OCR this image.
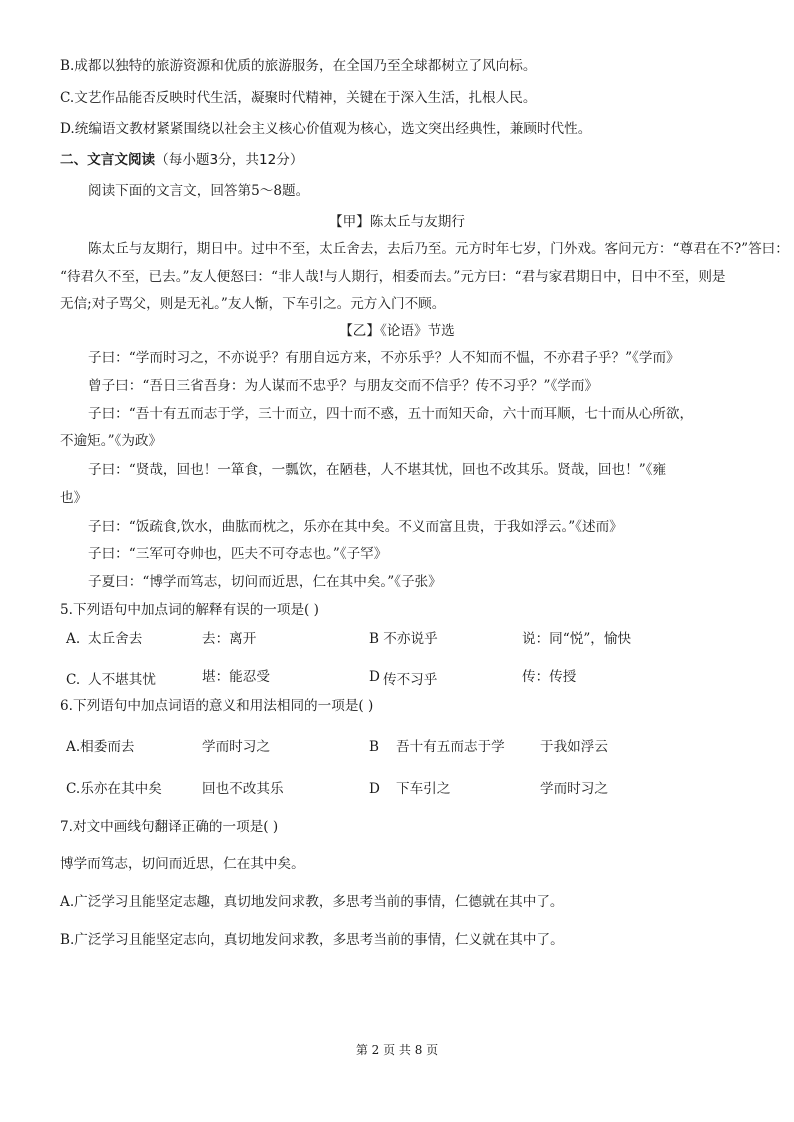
B.成都以独特的旅游资源和优质的旅游服务，在全国乃至全球都树立了风向标。
C.文艺作品能否反映时代生活，凝聚时代精神，关键在于深入生活，扎根人民。
D.统编语文教材紧紧围绕以社会主义核心价值观为核心，选文突出经典性，兼顾时代性。
二、文言文阅读（每小题3分，共12分）
阅读下面的文言文，回答第5～8题。
【甲】陈太丘与友期行
陈太丘与友期行，期日中。过中不至，太丘舍去，去后乃至。元方时年七岁，门外戏。客问元方：“尊君在不?”答曰：
“待君久不至，已去。”友人便怒曰：“非人哉!与人期行，相委而去。”元方曰：“君与家君期日中，日中不至，则是
无信;对子骂父，则是无礼。”友人惭，下车引之。元方入门不顾。
【乙】《论语》节选
子曰：“学而时习之，不亦说乎？有朋自远方来，不亦乐乎？人不知而不愠，不亦君子乎？”《学而》
曾子曰：“吾日三省吾身：为人谋而不忠乎？与朋友交而不信乎？传不习乎？”《学而》
子曰：“吾十有五而志于学，三十而立，四十而不惑，五十而知天命，六十而耳顺，七十而从心所欲，
不逾矩。”《为政》
子曰：“贤哉，回也！一箪食，一瓢饮，在陋巷，人不堪其忧，回也不改其乐。贤哉，回也！”《雍
也》
子曰：“饭疏食,饮水，曲肱而枕之，乐亦在其中矣。不义而富且贵，于我如浮云。”《述而》
子曰：“三军可夺帅也，匹夫不可夺志也。”《子罕》
子夏曰：“博学而笃志，切问而近思，仁在其中矣。”《子张》
5.下列语句中加点词的解释有误的一项是( )
A. 太丘舍去	去：离开	B 不亦说乎	说：同“悦”，愉快
C. 人不堪其忧	堪：能忍受	D 传不习乎	传：传授
6.下列语句中加点词语的意义和用法相同的一项是( )
A.相委而去	学而时习之	B 吾十有五而志于学	于我如浮云
C.乐亦在其中矣	回也不改其乐	D 下车引之	学而时习之
7.对文中画线句翻译正确的一项是( )
博学而笃志，切问而近思，仁在其中矣。
A.广泛学习且能坚定志趣，真切地发问求教，多思考当前的事情，仁德就在其中了。
B.广泛学习且能坚定志向，真切地发问求教，多思考当前的事情，仁义就在其中了。
第 2 页 共 8 页
